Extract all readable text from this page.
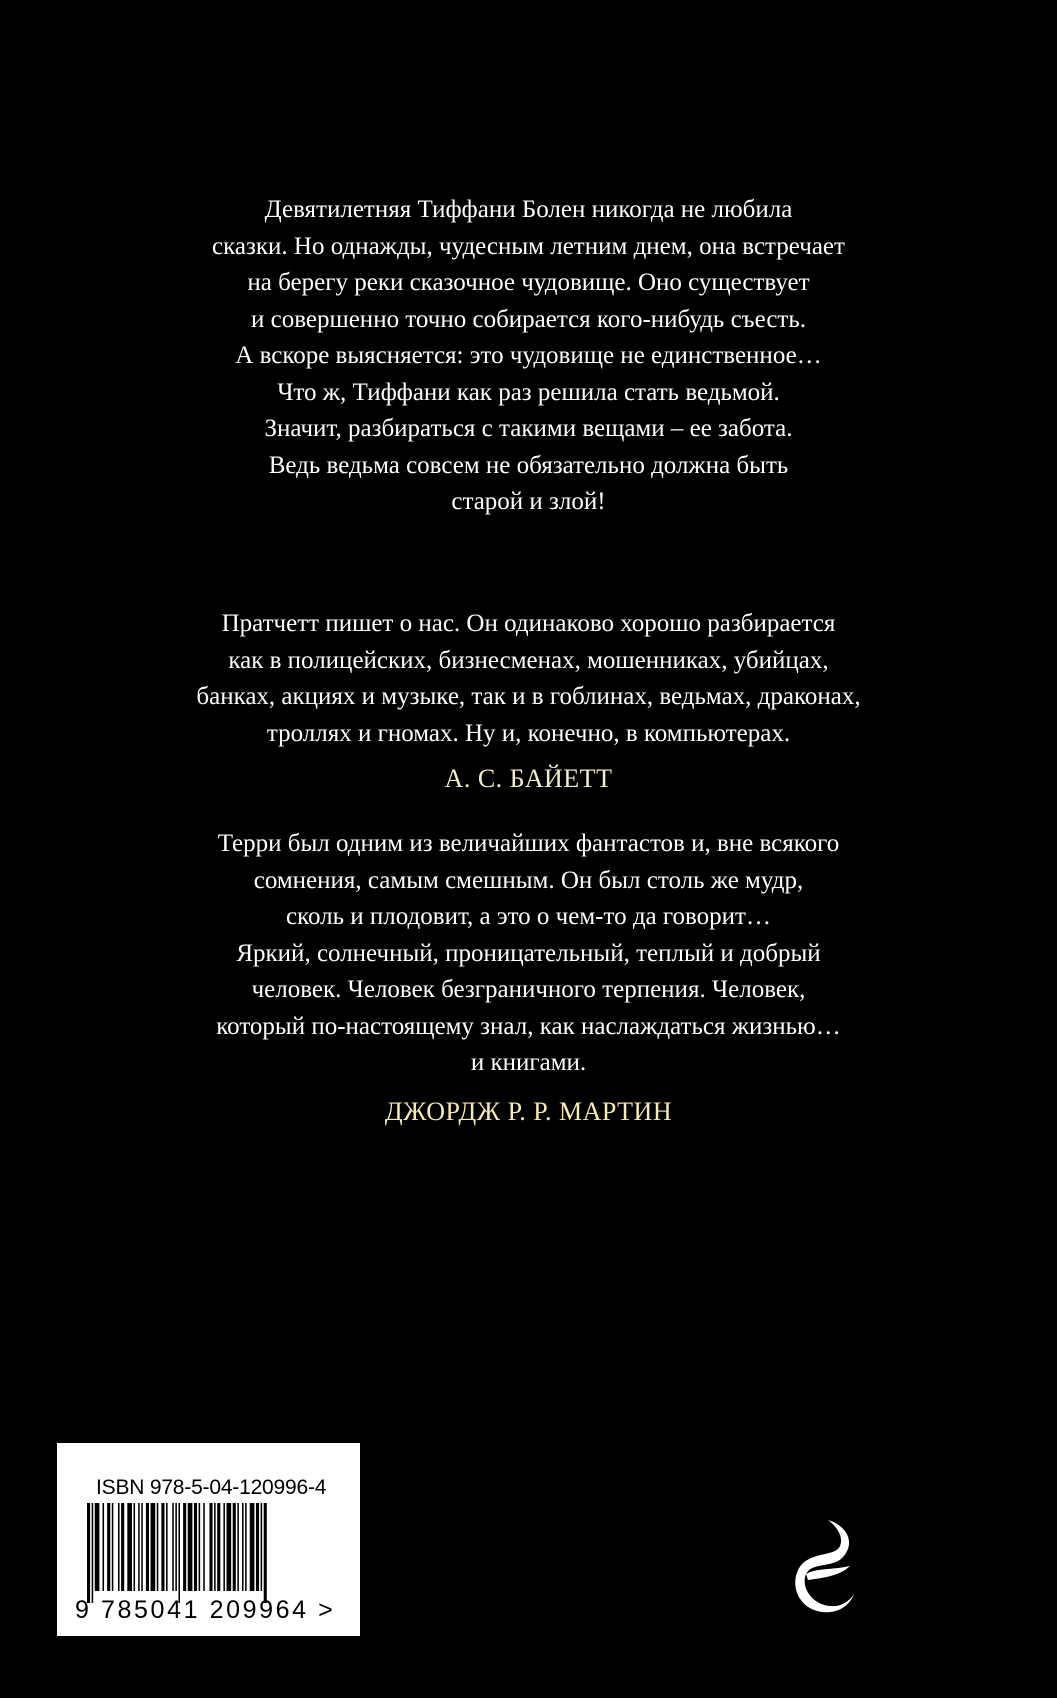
Девятилетняя Тиффани Болен никогда не любила
сказки. Но однажды, чудесным летним днем, она встречает
на берегу реки сказочное чудовище. Оно существует
и совершенно точно собирается кого-нибудь съесть.
А вскоре выясняется: это чудовище не единственное…
Что ж, Тиффани как раз решила стать ведьмой.
Значит, разбираться с такими вещами – ее забота.
Ведь ведьма совсем не обязательно должна быть
старой и злой!
Пратчетт пишет о нас. Он одинаково хорошо разбирается
как в полицейских, бизнесменах, мошенниках, убийцах,
банках, акциях и музыке, так и в гоблинах, ведьмах, драконах,
троллях и гномах. Ну и, конечно, в компьютерах.
А. С. БАЙЕТТ
Терри был одним из величайших фантастов и, вне всякого
сомнения, самым смешным. Он был столь же мудр,
сколь и плодовит, а это о чем-то да говорит…
Яркий, солнечный, проницательный, теплый и добрый
человек. Человек безграничного терпения. Человек,
который по-настоящему знал, как наслаждаться жизнью…
и книгами.
ДЖОРДЖ Р. Р. МАРТИН
ISBN 978-5-04-120996-4
9 785041 209964 >
